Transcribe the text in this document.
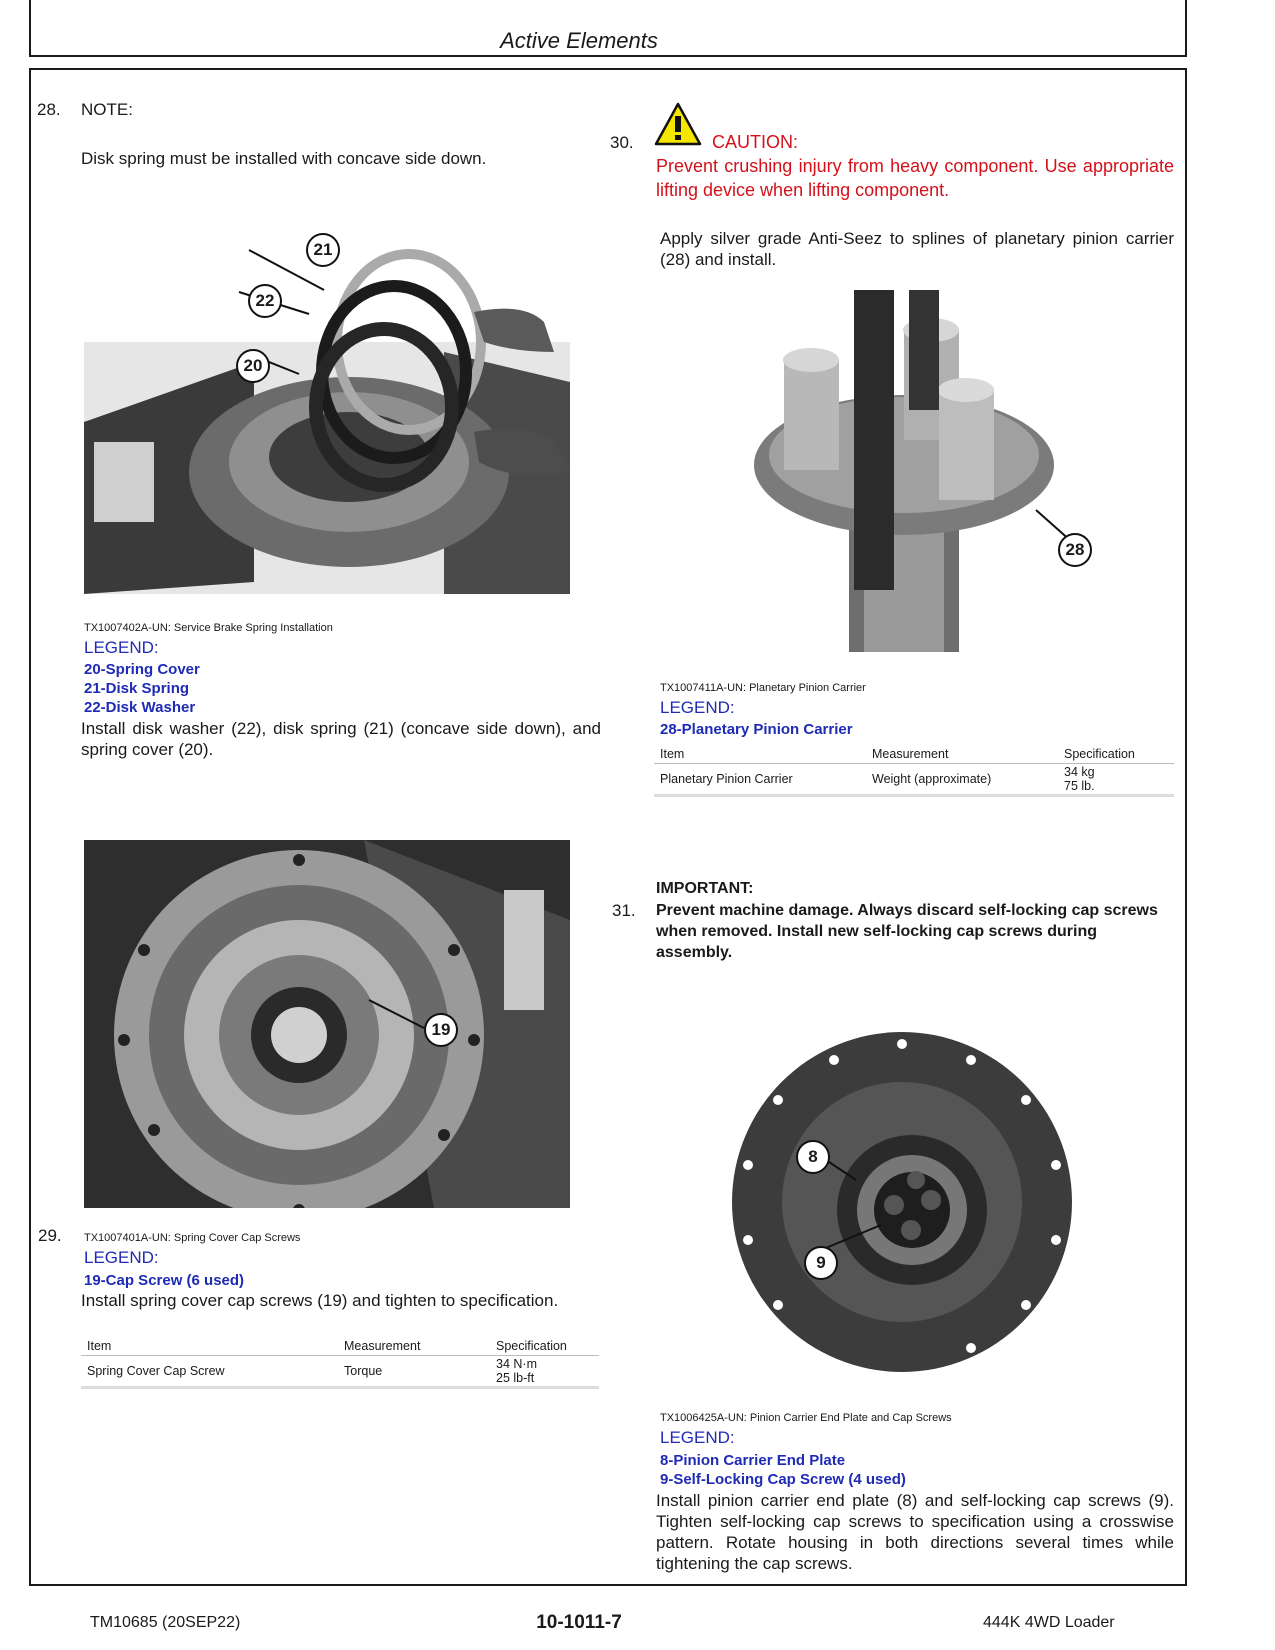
Active Elements
28. NOTE:
Disk spring must be installed with concave side down.
21
22
20
TX1007402A-UN: Service Brake Spring Installation
LEGEND:
20-Spring Cover
21-Disk Spring
22-Disk Washer
Install disk washer (22), disk spring (21) (concave side down), and spring cover (20).
19
29. TX1007401A-UN: Spring Cover Cap Screws
LEGEND:
19-Cap Screw (6 used)
Install spring cover cap screws (19) and tighten to specification.
Item	Measurement	Specification
Spring Cover Cap Screw	Torque	34 N·m
25 lb-ft
30.	CAUTION:
Prevent crushing injury from heavy component. Use appropriate lifting device when lifting component.
Apply silver grade Anti-Seez to splines of planetary pinion carrier (28) and install.
28
TX1007411A-UN: Planetary Pinion Carrier
LEGEND:
28-Planetary Pinion Carrier
Item	Measurement	Specification
Planetary Pinion Carrier	Weight (approximate)	34 kg
75 lb.
IMPORTANT:
31. Prevent machine damage. Always discard self-locking cap screws when removed. Install new self-locking cap screws during assembly.
8
9
TX1006425A-UN: Pinion Carrier End Plate and Cap Screws
LEGEND:
8-Pinion Carrier End Plate
9-Self-Locking Cap Screw (4 used)
Install pinion carrier end plate (8) and self-locking cap screws (9). Tighten self-locking cap screws to specification using a crosswise pattern. Rotate housing in both directions several times while tightening the cap screws.
TM10685 (20SEP22)	10-1011-7	444K 4WD Loader
